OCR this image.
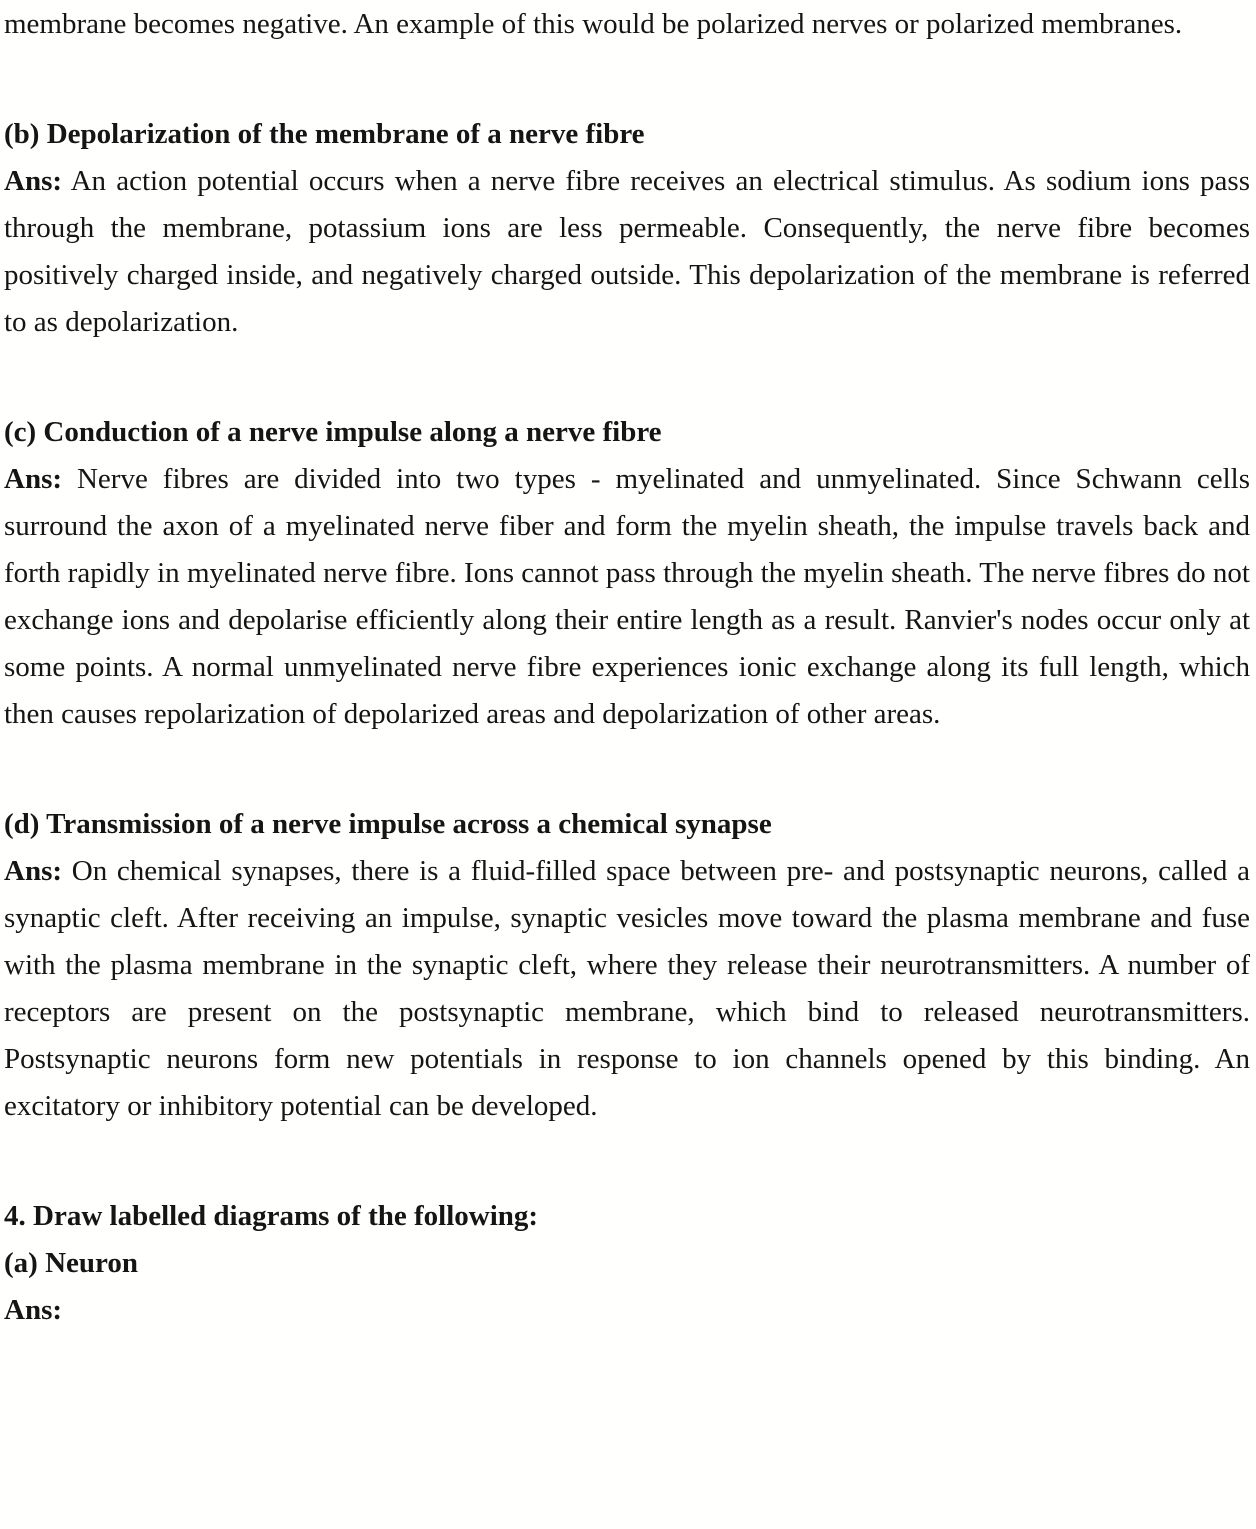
membrane becomes negative. An example of this would be polarized nerves or polarized membranes.

(b) Depolarization of the membrane of a nerve fibre

Ans: An action potential occurs when a nerve fibre receives an electrical stimulus. As sodium ions pass through the membrane, potassium ions are less permeable. Consequently, the nerve fibre becomes positively charged inside, and negatively charged outside. This depolarization of the membrane is referred to as depolarization.

(c) Conduction of a nerve impulse along a nerve fibre

Ans: Nerve fibres are divided into two types - myelinated and unmyelinated. Since Schwann cells surround the axon of a myelinated nerve fiber and form the myelin sheath, the impulse travels back and forth rapidly in myelinated nerve fibre. Ions cannot pass through the myelin sheath. The nerve fibres do not exchange ions and depolarise efficiently along their entire length as a result. Ranvier's nodes occur only at some points. A normal unmyelinated nerve fibre experiences ionic exchange along its full length, which then causes repolarization of depolarized areas and depolarization of other areas.

(d) Transmission of a nerve impulse across a chemical synapse

Ans: On chemical synapses, there is a fluid-filled space between pre- and postsynaptic neurons, called a synaptic cleft. After receiving an impulse, synaptic vesicles move toward the plasma membrane and fuse with the plasma membrane in the synaptic cleft, where they release their neurotransmitters. A number of receptors are present on the postsynaptic membrane, which bind to released neurotransmitters. Postsynaptic neurons form new potentials in response to ion channels opened by this binding. An excitatory or inhibitory potential can be developed.

4. Draw labelled diagrams of the following:

(a) Neuron

Ans:
